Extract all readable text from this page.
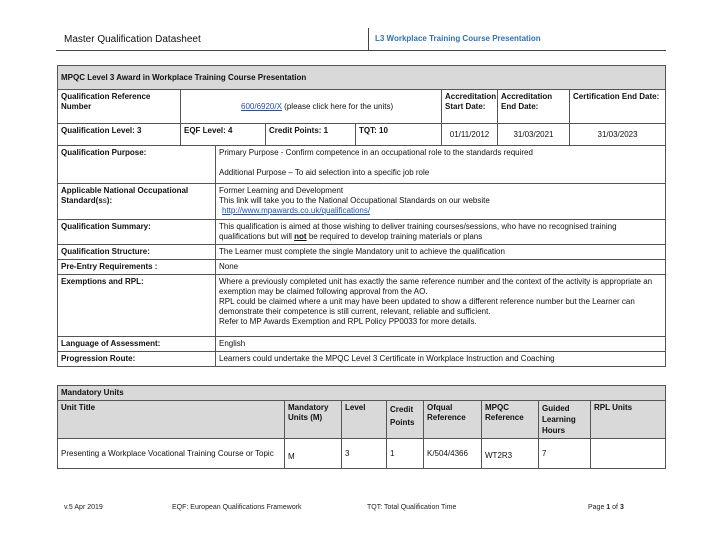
Master Qualification Datasheet	L3 Workplace Training Course Presentation
MPQC Level 3 Award in Workplace Training Course Presentation							
Qualification Reference Number	600/6920/X (please click here for the units)				Accreditation Start Date:	Accreditation End Date:	Certification End Date:
Qualification Level: 3	EQF Level: 4		Credit Points: 1	TQT: 10	01/11/2012	31/03/2021	31/03/2023
Qualification Purpose:		Primary Purpose - Confirm competence in an occupational role to the standards required
Additional Purpose – To aid selection into a specific job role					

Applicable National Occupational Standard(ss):		Former Learning and Development
This link will take you to the National Occupational Standards on our website
http://www.mpawards.co.uk/qualifications/					

Qualification Summary:		This qualification is aimed at those wishing to deliver training courses/sessions, who have no recognised training qualifications but will not be required to develop training materials or plans					
Qualification Structure:		The Learner must complete the single Mandatory unit to achieve the qualification					
Pre-Entry Requirements :		None					
Exemptions and RPL:		Where a previously completed unit has exactly the same reference number and the context of the activity is appropriate an exemption may be claimed following approval from the AO.
RPL could be claimed where a unit may have been updated to show a different reference number but the Learner can demonstrate their competence is still current, relevant, reliable and sufficient.
Refer to MP Awards Exemption and RPL Policy PP0033 for more details.					

Language of Assessment:		English					
Progression Route:		Learners could undertake the MPQC Level 3 Certificate in Workplace Instruction and Coaching					
Mandatory Units							
Unit Title	Mandatory Units (M)	Level	Credit Points	Ofqual Reference	MPQC Reference	Guided Learning Hours	RPL Units
Presenting a Workplace Vocational Training Course or Topic	M	3	1	K/504/4366	WT2R3	7	
v.5 Apr 2019	EQF: European Qualifications Framework	TQT: Total Qualification Time	Page 1 of 3
